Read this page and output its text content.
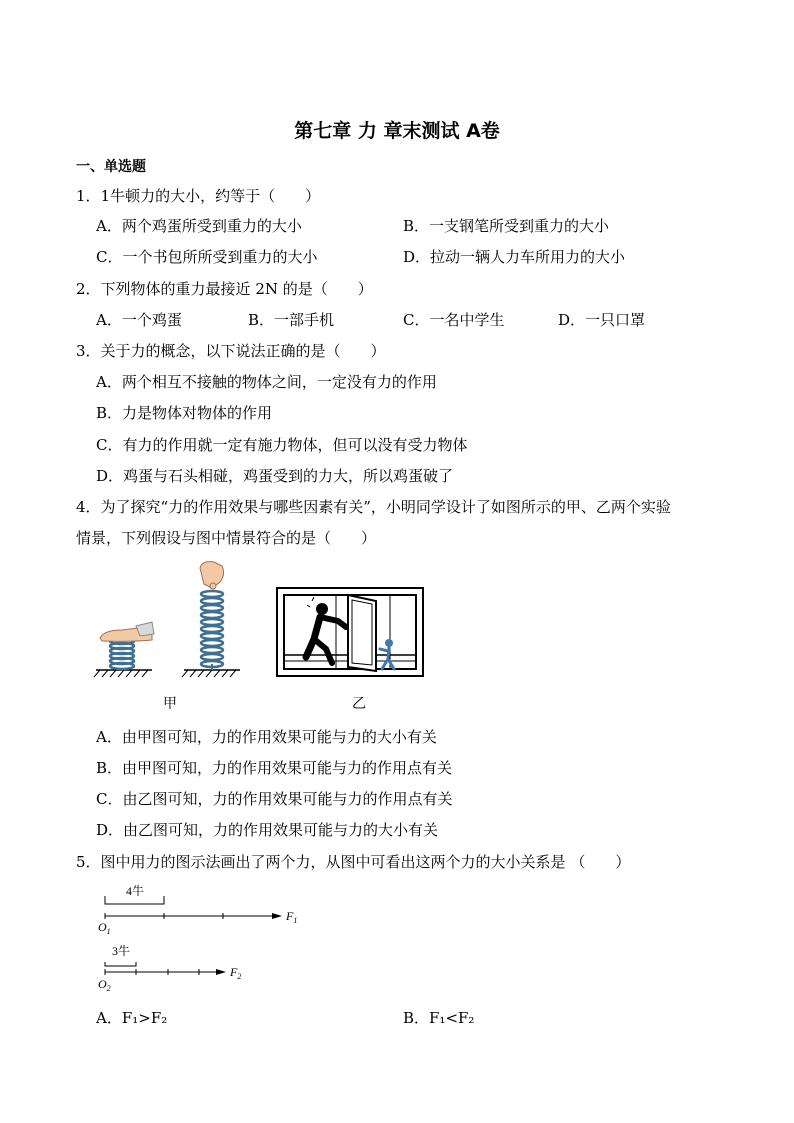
第七章 力 章末测试 A卷
一、单选题
1．1牛顿力的大小，约等于（　　）
A．两个鸡蛋所受到重力的大小	B．一支钢笔所受到重力的大小
C．一个书包所所受到重力的大小	D．拉动一辆人力车所用力的大小
2．下列物体的重力最接近 2N 的是（　　）
A．一个鸡蛋	B．一部手机	C．一名中学生	D．一只口罩
3．关于力的概念，以下说法正确的是（　　）
A．两个相互不接触的物体之间，一定没有力的作用
B．力是物体对物体的作用
C．有力的作用就一定有施力物体，但可以没有受力物体
D．鸡蛋与石头相碰，鸡蛋受到的力大，所以鸡蛋破了
4．为了探究“力的作用效果与哪些因素有关”，小明同学设计了如图所示的甲、乙两个实验
情景，下列假设与图中情景符合的是（　　）
甲	乙
A．由甲图可知，力的作用效果可能与力的大小有关
B．由甲图可知，力的作用效果可能与力的作用点有关
C．由乙图可知，力的作用效果可能与力的作用点有关
D．由乙图可知，力的作用效果可能与力的大小有关
5．图中用力的图示法画出了两个力，从图中可看出这两个力的大小关系是 （　　）
4牛
$F_1$
$O_1$
3牛
$F_2$
$O_2$
A．F₁>F₂	B．F₁<F₂
